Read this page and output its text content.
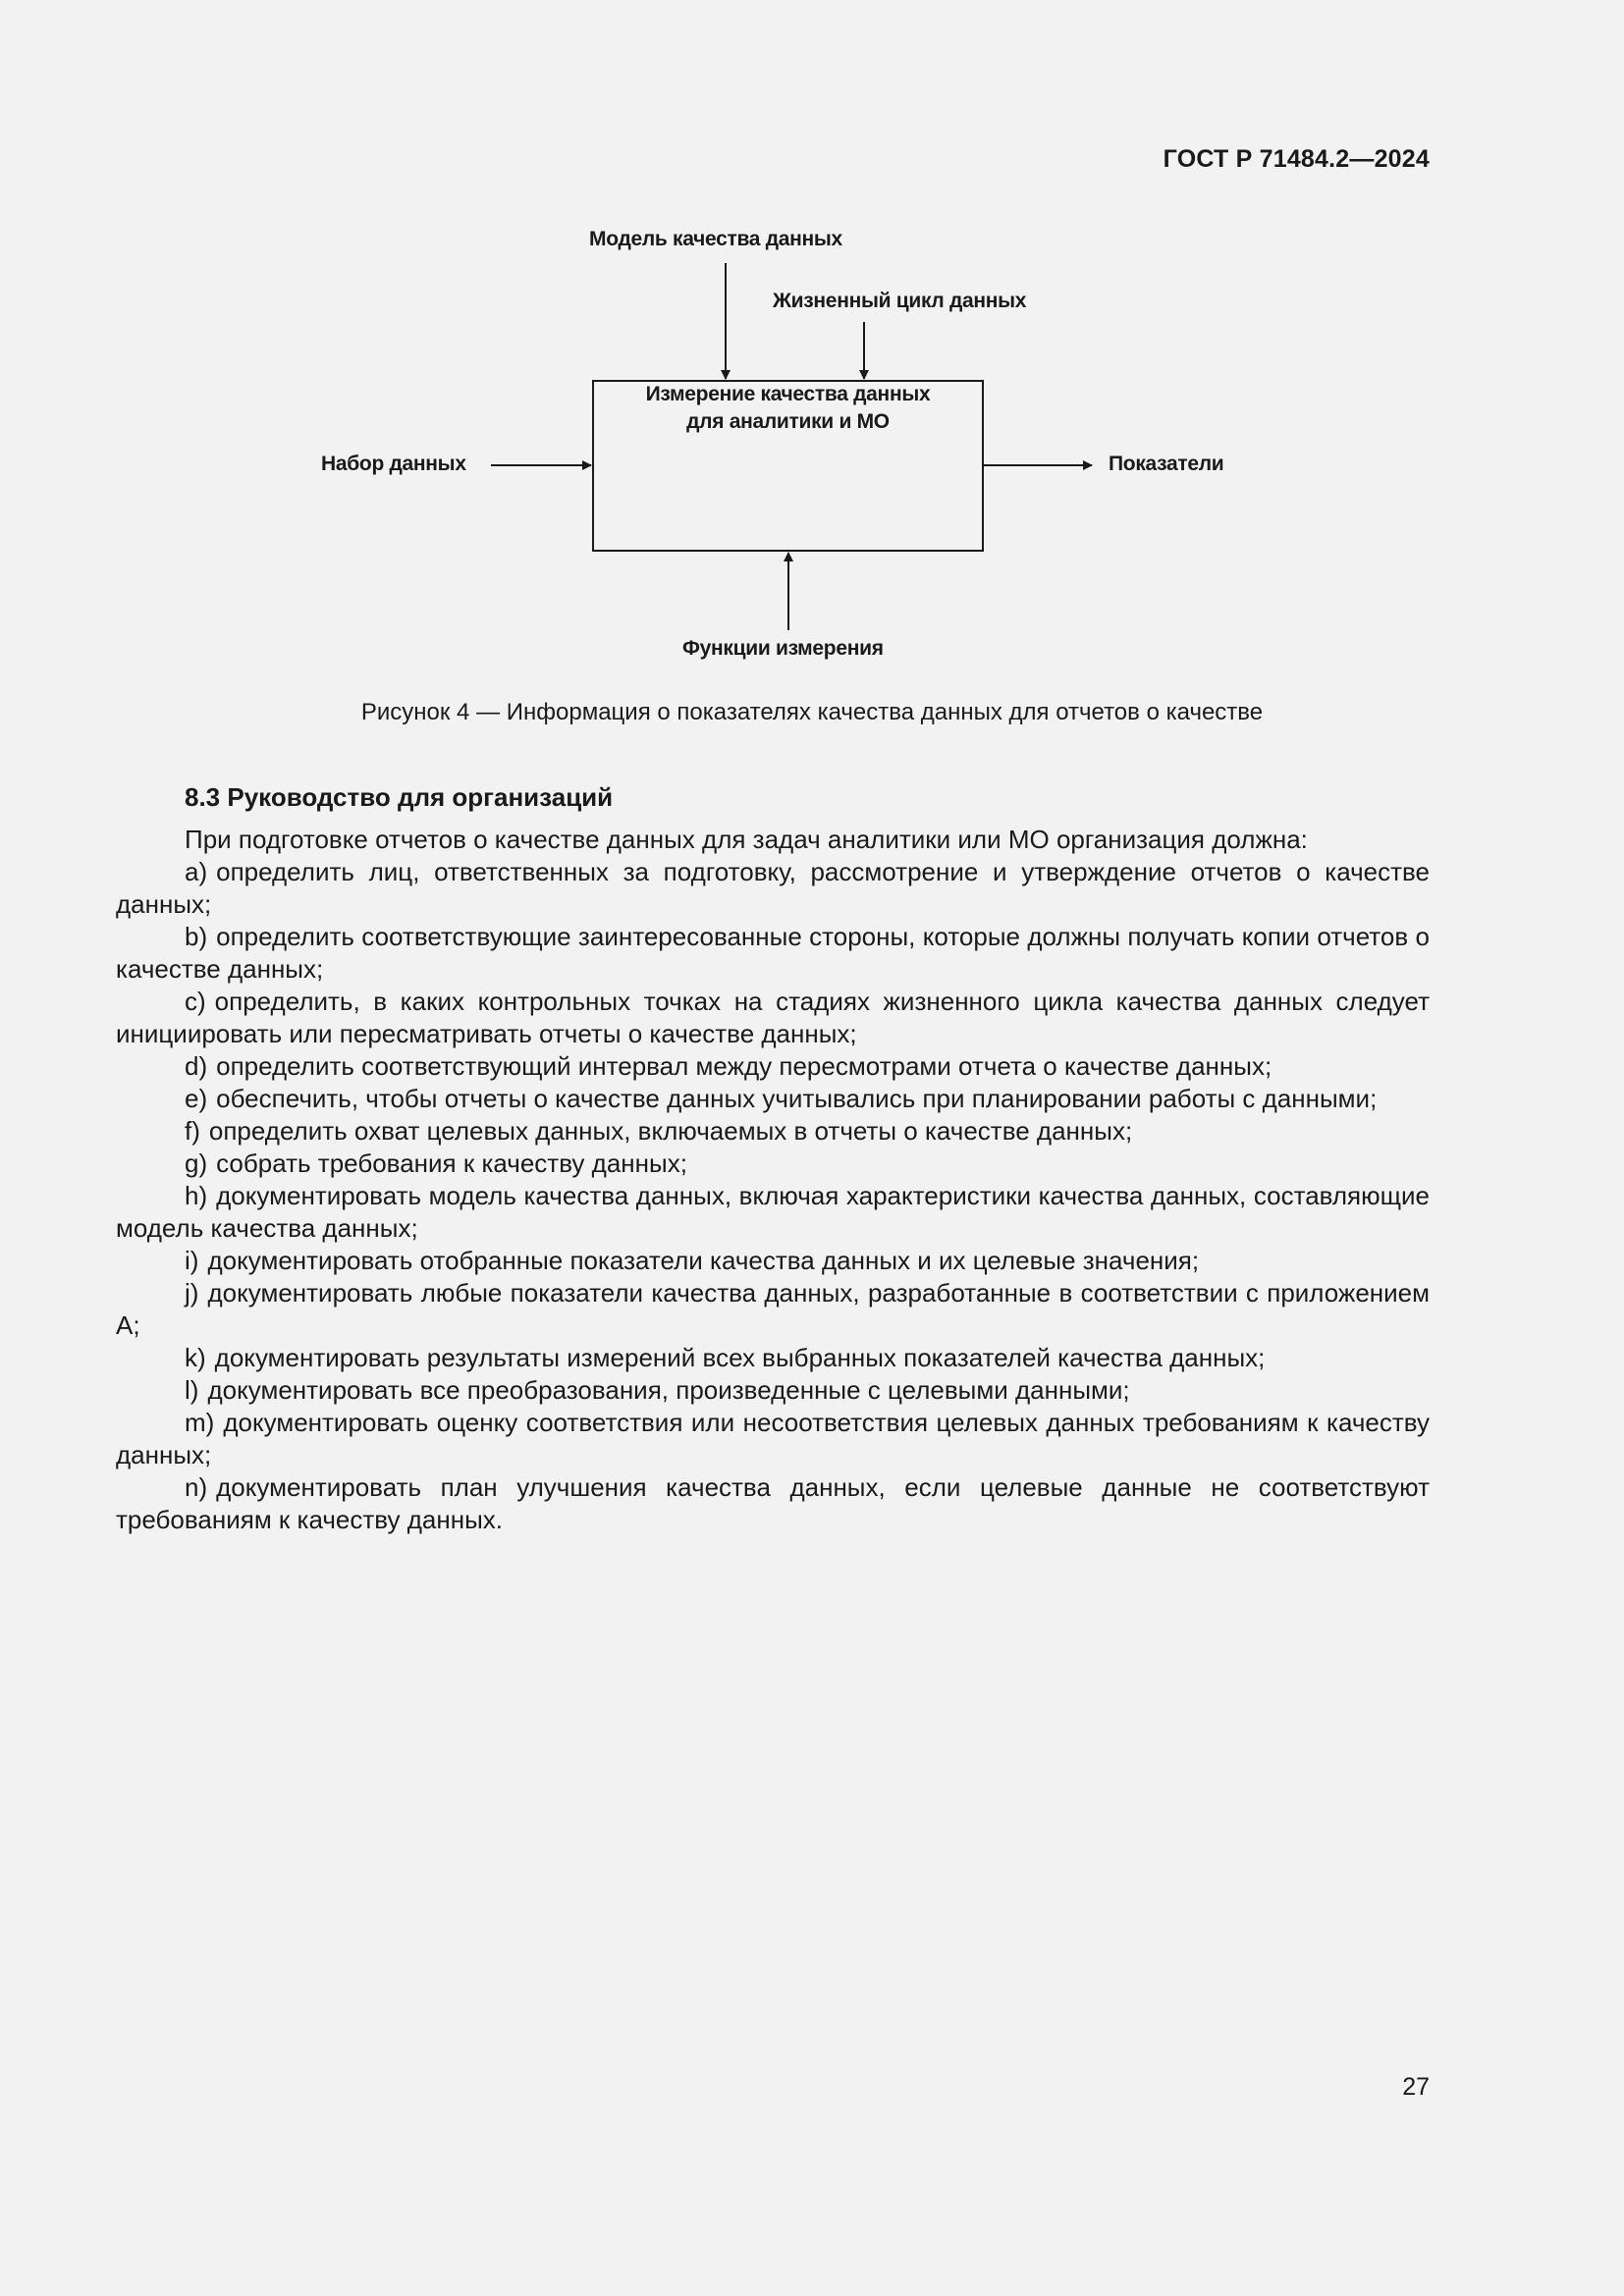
ГОСТ Р 71484.2—2024
Модель качества данных
Жизненный цикл данных
Набор данных	Показатели
Функции измерения
Измерение качества данных
для аналитики и МО
Рисунок 4 — Информация о показателях качества данных для отчетов о качестве
8.3 Руководство для организаций

При подготовке отчетов о качестве данных для задач аналитики или МО организация должна:

a) определить лиц, ответственных за подготовку, рассмотрение и утверждение отчетов о качестве данных;

b) определить соответствующие заинтересованные стороны, которые должны получать копии отчетов о качестве данных;

c) определить, в каких контрольных точках на стадиях жизненного цикла качества данных следует инициировать или пересматривать отчеты о качестве данных;

d) определить соответствующий интервал между пересмотрами отчета о качестве данных;

e) обеспечить, чтобы отчеты о качестве данных учитывались при планировании работы с данными;

f) определить охват целевых данных, включаемых в отчеты о качестве данных;

g) собрать требования к качеству данных;

h) документировать модель качества данных, включая характеристики качества данных, составляющие модель качества данных;

i) документировать отобранные показатели качества данных и их целевые значения;

j) документировать любые показатели качества данных, разработанные в соответствии с приложением А;

k) документировать результаты измерений всех выбранных показателей качества данных;

l) документировать все преобразования, произведенные с целевыми данными;

m) документировать оценку соответствия или несоответствия целевых данных требованиям к качеству данных;

n) документировать план улучшения качества данных, если целевые данные не соответствуют требованиям к качеству данных.

27
